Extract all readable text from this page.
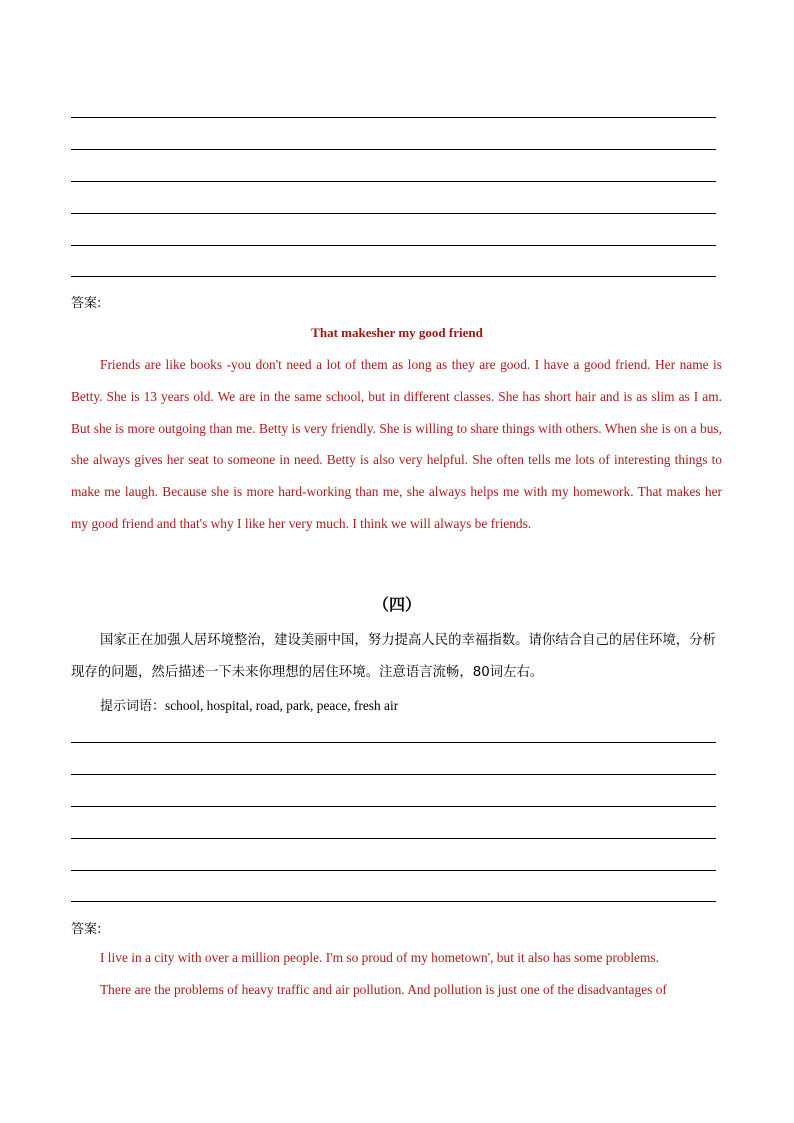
答案:
That makesher my good friend

Friends are like books -you don't need a lot of them as long as they are good. I have a good friend. Her name is Betty. She is 13 years old. We are in the same school, but in different classes. She has short hair and is as slim as I am. But she is more outgoing than me. Betty is very friendly. She is willing to share things with others. When she is on a bus, she always gives her seat to someone in need. Betty is also very helpful. She often tells me lots of interesting things to make me laugh. Because she is more hard-working than me, she always helps me with my homework. That makes her my good friend and that's why I like her very much. I think we will always be friends.

（四）

国家正在加强人居环境整治，建设美丽中国，努力提高人民的幸福指数。请你结合自己的居住环境，分析现存的问题，然后描述一下未来你理想的居住环境。注意语言流畅，80词左右。

提示词语：school, hospital, road, park, peace, fresh air
答案:

I live in a city with over a million people. I'm so proud of my hometown', but it also has some problems.

There are the problems of heavy traffic and air pollution. And pollution is just one of the disadvantages of
